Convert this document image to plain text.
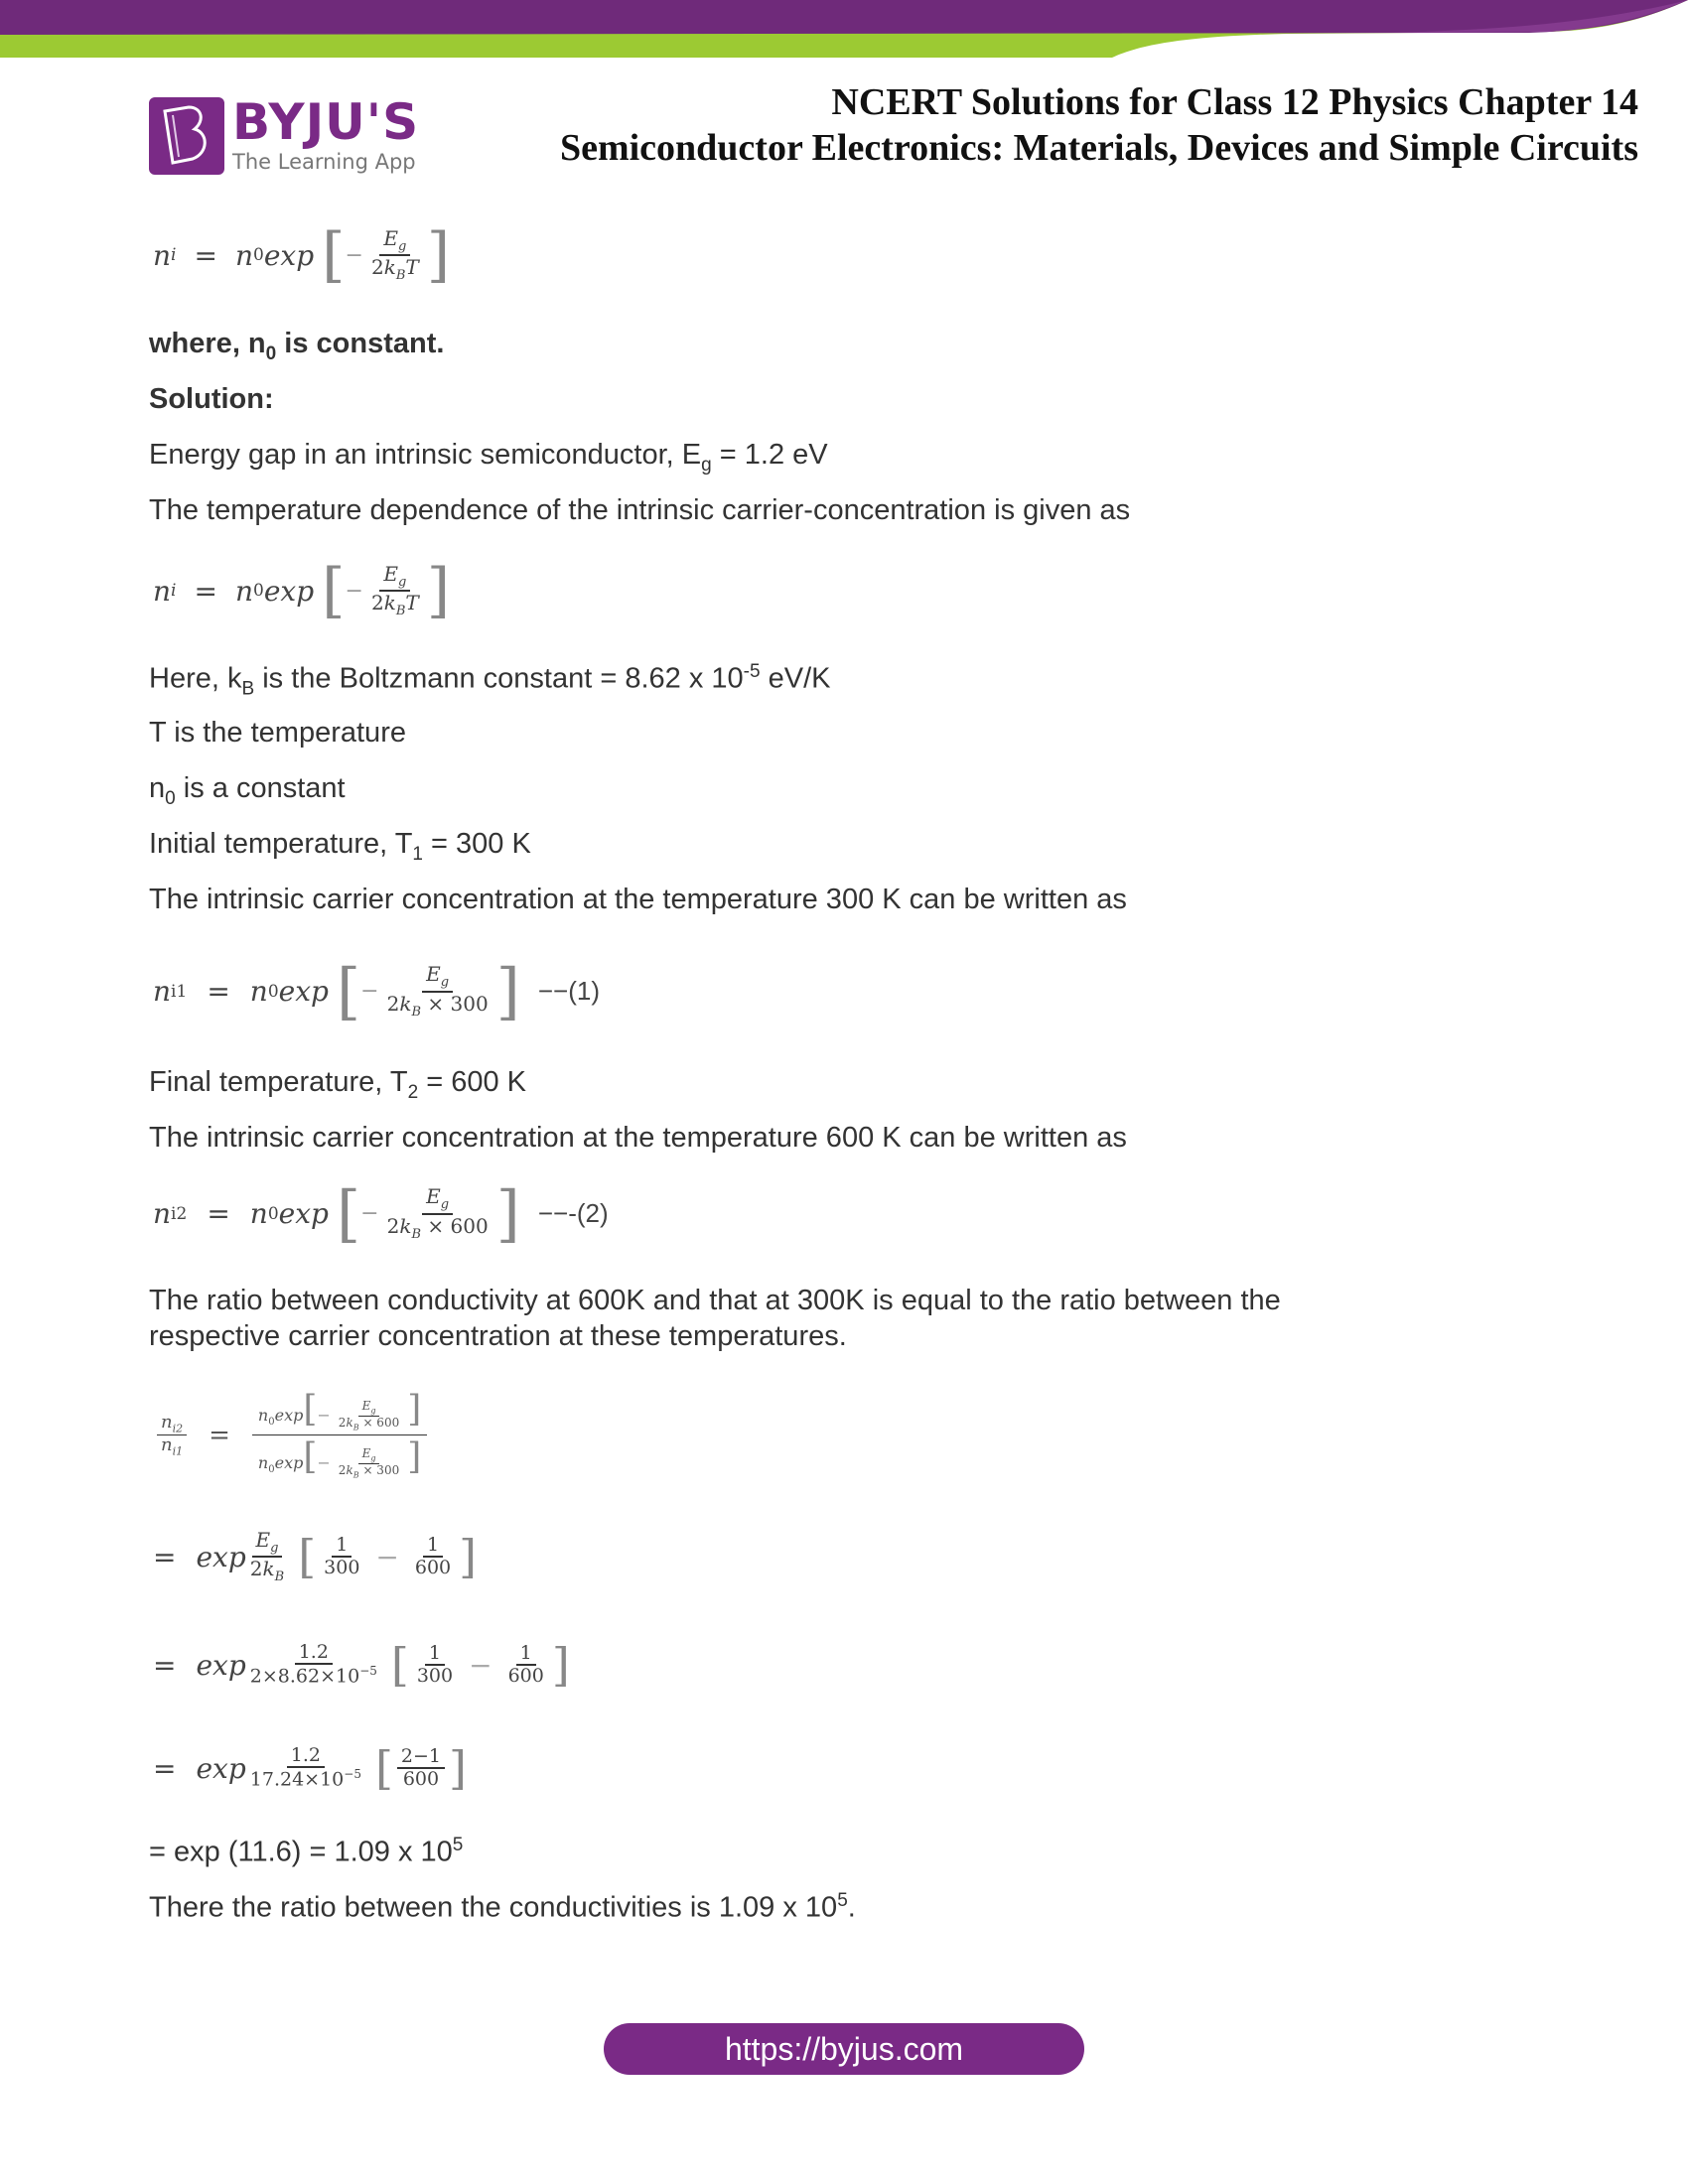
BYJU'S
The Learning App
NCERT Solutions for Class 12 Physics Chapter 14
Semiconductor Electronics: Materials, Devices and Simple Circuits
n i = n 0 exp [ − $\frac{E_g}{2k_BT}$ ]
where, $n_0$ is constant.
Solution:
Energy gap in an intrinsic semiconductor, $E_g = 1.2$ eV
The temperature dependence of the intrinsic carrier-concentration is given as
n i = n 0 exp [ − $\frac{E_g}{2k_BT}$ ]
Here, $k_B$ is the Boltzmann constant = 8.62 x $10^{-5}$ eV/K
T is the temperature
$n_0$ is a constant
Initial temperature, $T_1 = 300$ K
The intrinsic carrier concentration at the temperature 300 K can be written as
n i1 = n 0 exp [ − $\frac{E_g}{2k_B \times 300}$ ] −−(1)
Final temperature, $T_2 = 600$ K
The intrinsic carrier concentration at the temperature 600 K can be written as
n i2 = n 0 exp [ − $\frac{E_g}{2k_B \times 600}$ ] −−-(2)
The ratio between conductivity at 600K and that at 300K is equal to the ratio between the
respective carrier concentration at these temperatures.
$\frac{n_{i2}}{n_{i1}} = \frac{n_0\exp[- \frac{E_g}{2k_B \times 600} ]}{n_0\exp[- \frac{E_g}{2k_B \times 300} ]}$
= $\exp \frac{E_g}{2k_B}$ [ $\frac{1}{300} - \frac{1}{600}$ ]
= $\exp \frac{1.2}{2\times 8.62\times 10^{-5}}$ [ $\frac{1}{300} - \frac{1}{600}$ ]
= $\exp \frac{1.2}{17.24\times 10^{-5}}$ [ $\frac{2-1}{600}$ ]
= exp (11.6) = 1.09 x $10^5$
There the ratio between the conductivities is 1.09 x $10^5$.
https://byjus.com
